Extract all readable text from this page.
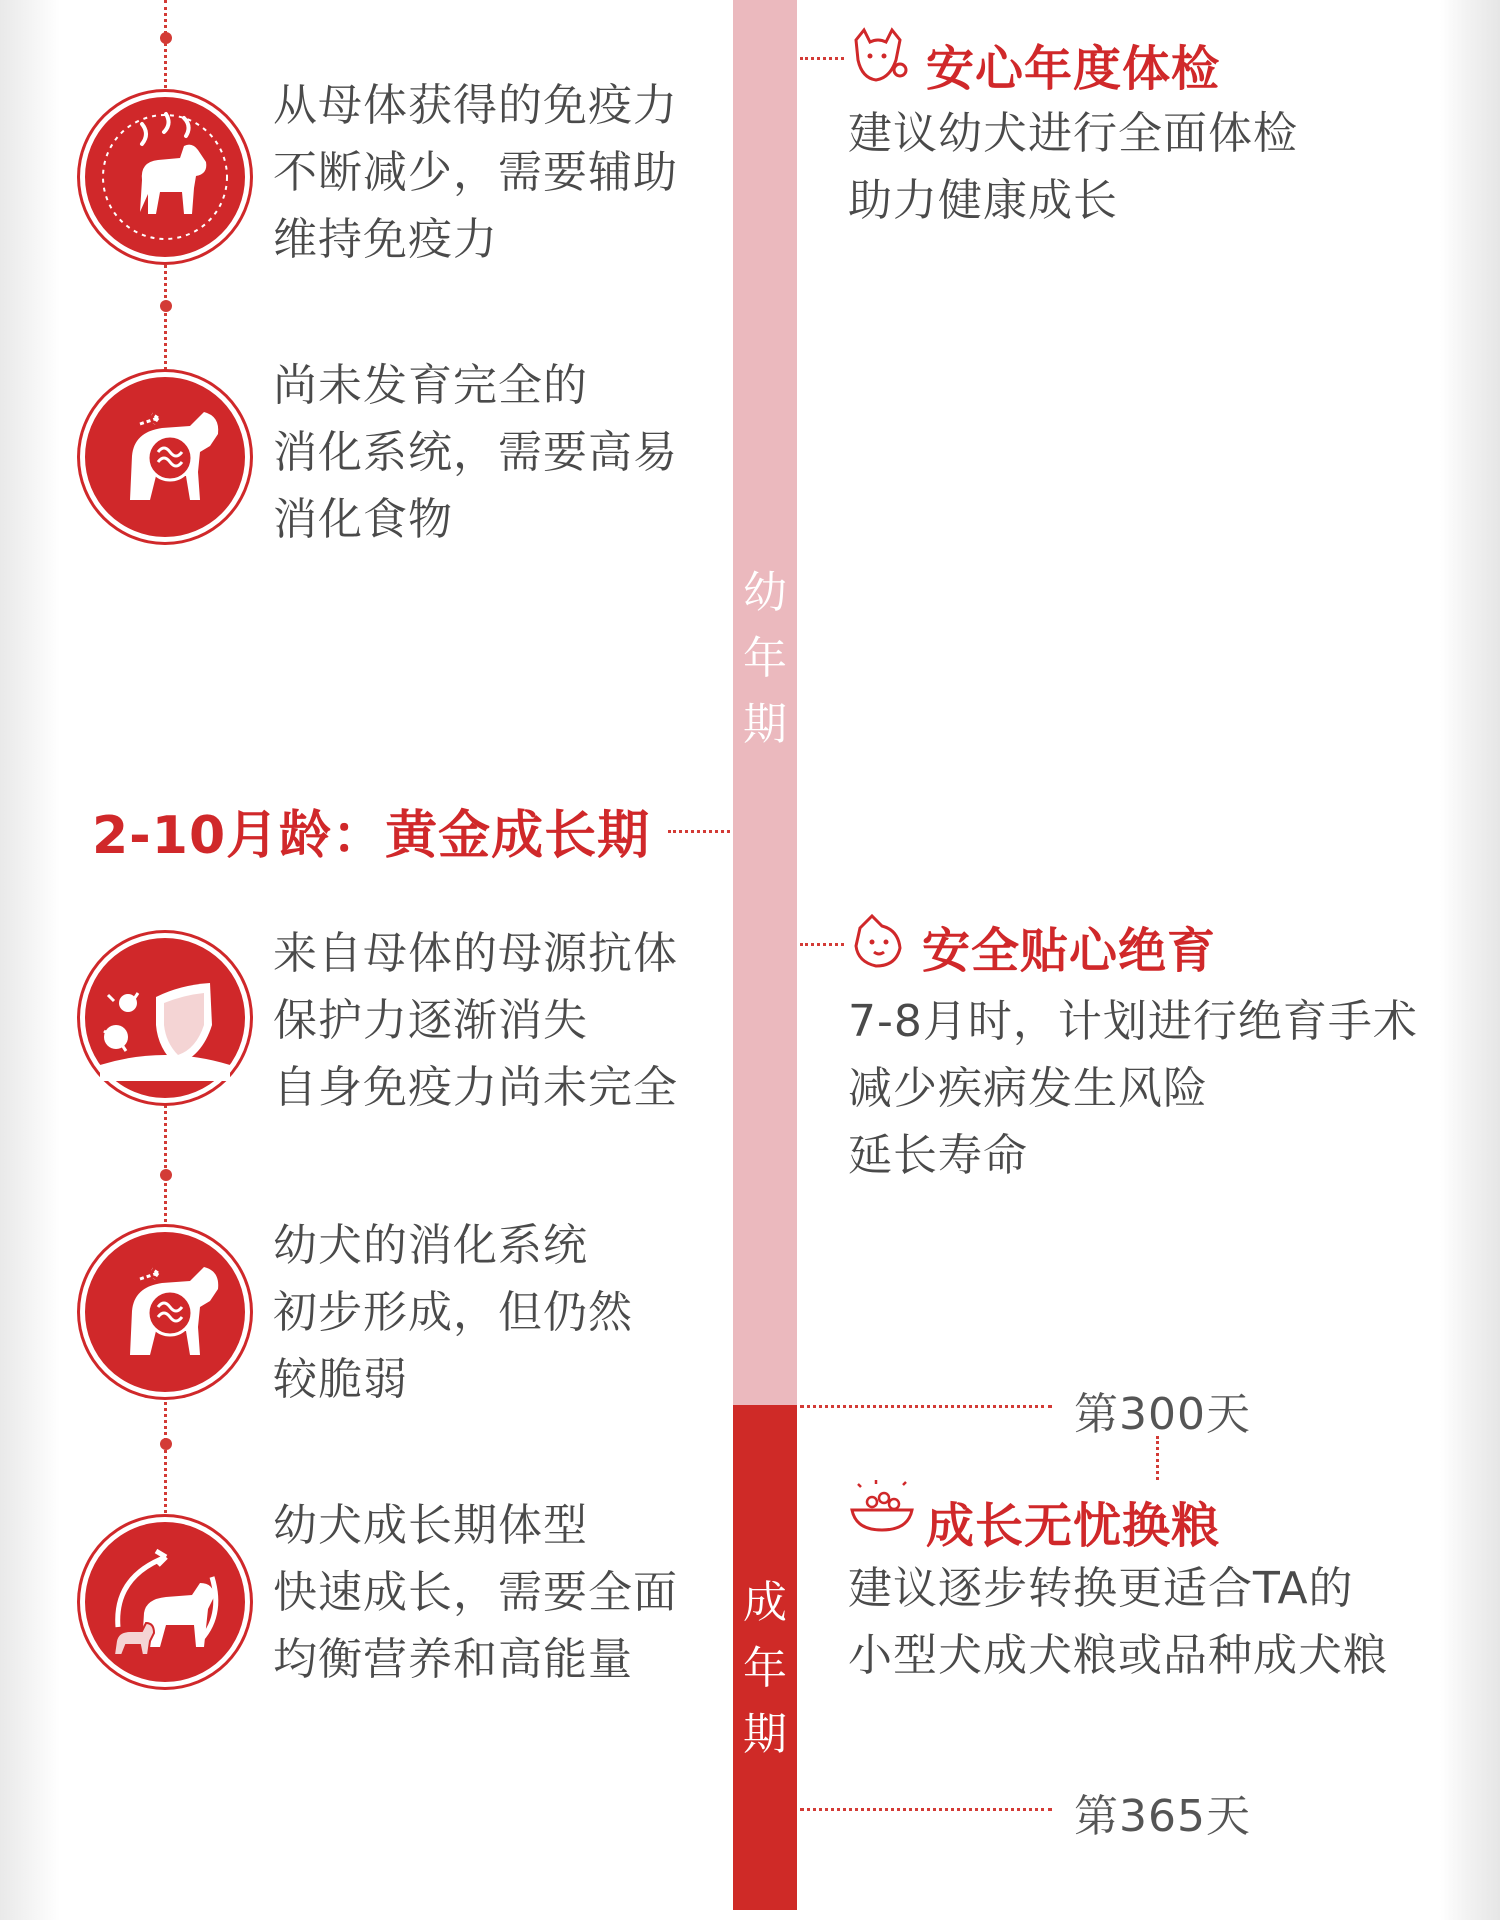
幼
年
期
成
年
期
从母体获得的免疫力
不断减少，需要辅助
维持免疫力
尚未发育完全的
消化系统，需要高易
消化食物
2-10月龄：黄金成长期
来自母体的母源抗体
保护力逐渐消失
自身免疫力尚未完全
幼犬的消化系统
初步形成，但仍然
较脆弱
幼犬成长期体型
快速成长，需要全面
均衡营养和高能量
安心年度体检
建议幼犬进行全面体检
助力健康成长
安全贴心绝育
7-8月时，计划进行绝育手术
减少疾病发生风险
延长寿命
第300天
成长无忧换粮
建议逐步转换更适合TA的
小型犬成犬粮或品种成犬粮
第365天
